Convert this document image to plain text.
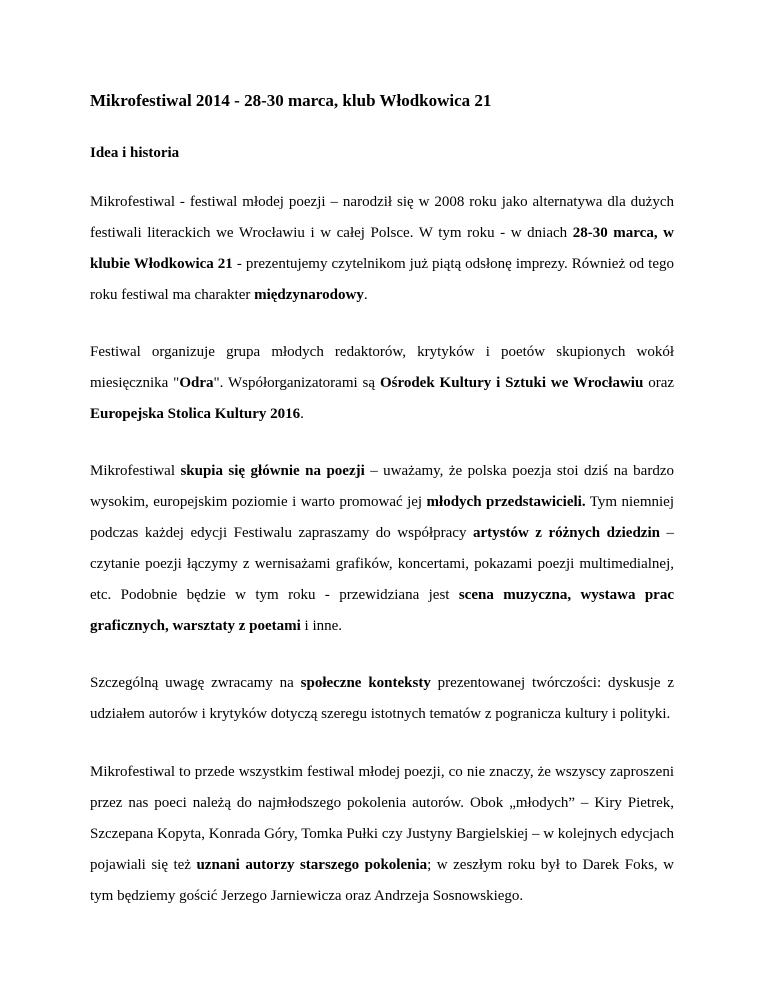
Mikrofestiwal 2014 - 28-30 marca, klub Włodkowica 21
Idea i historia

Mikrofestiwal - festiwal młodej poezji – narodził się w 2008 roku jako alternatywa dla dużych festiwali literackich we Wrocławiu i w całej Polsce. W tym roku - w dniach 28-30 marca, w klubie Włodkowica 21 - prezentujemy czytelnikom już piątą odsłonę imprezy. Również od tego roku festiwal ma charakter międzynarodowy.

Festiwal organizuje grupa młodych redaktorów, krytyków i poetów skupionych wokół miesięcznika "Odra". Współorganizatorami są Ośrodek Kultury i Sztuki we Wrocławiu oraz Europejska Stolica Kultury 2016.

Mikrofestiwal skupia się głównie na poezji – uważamy, że polska poezja stoi dziś na bardzo wysokim, europejskim poziomie i warto promować jej młodych przedstawicieli. Tym niemniej podczas każdej edycji Festiwalu zapraszamy do współpracy artystów z różnych dziedzin – czytanie poezji łączymy z wernisażami grafików, koncertami, pokazami poezji multimedialnej, etc. Podobnie będzie w tym roku - przewidziana jest scena muzyczna, wystawa prac graficznych, warsztaty z poetami i inne.

Szczególną uwagę zwracamy na społeczne konteksty prezentowanej twórczości: dyskusje z udziałem autorów i krytyków dotyczą szeregu istotnych tematów z pogranicza kultury i polityki.

Mikrofestiwal to przede wszystkim festiwal młodej poezji, co nie znaczy, że wszyscy zaproszeni przez nas poeci należą do najmłodszego pokolenia autorów. Obok „młodych” – Kiry Pietrek, Szczepana Kopyta, Konrada Góry, Tomka Pułki czy Justyny Bargielskiej – w kolejnych edycjach pojawiali się też uznani autorzy starszego pokolenia; w zeszłym roku był to Darek Foks, w tym będziemy gościć Jerzego Jarniewicza oraz Andrzeja Sosnowskiego.
